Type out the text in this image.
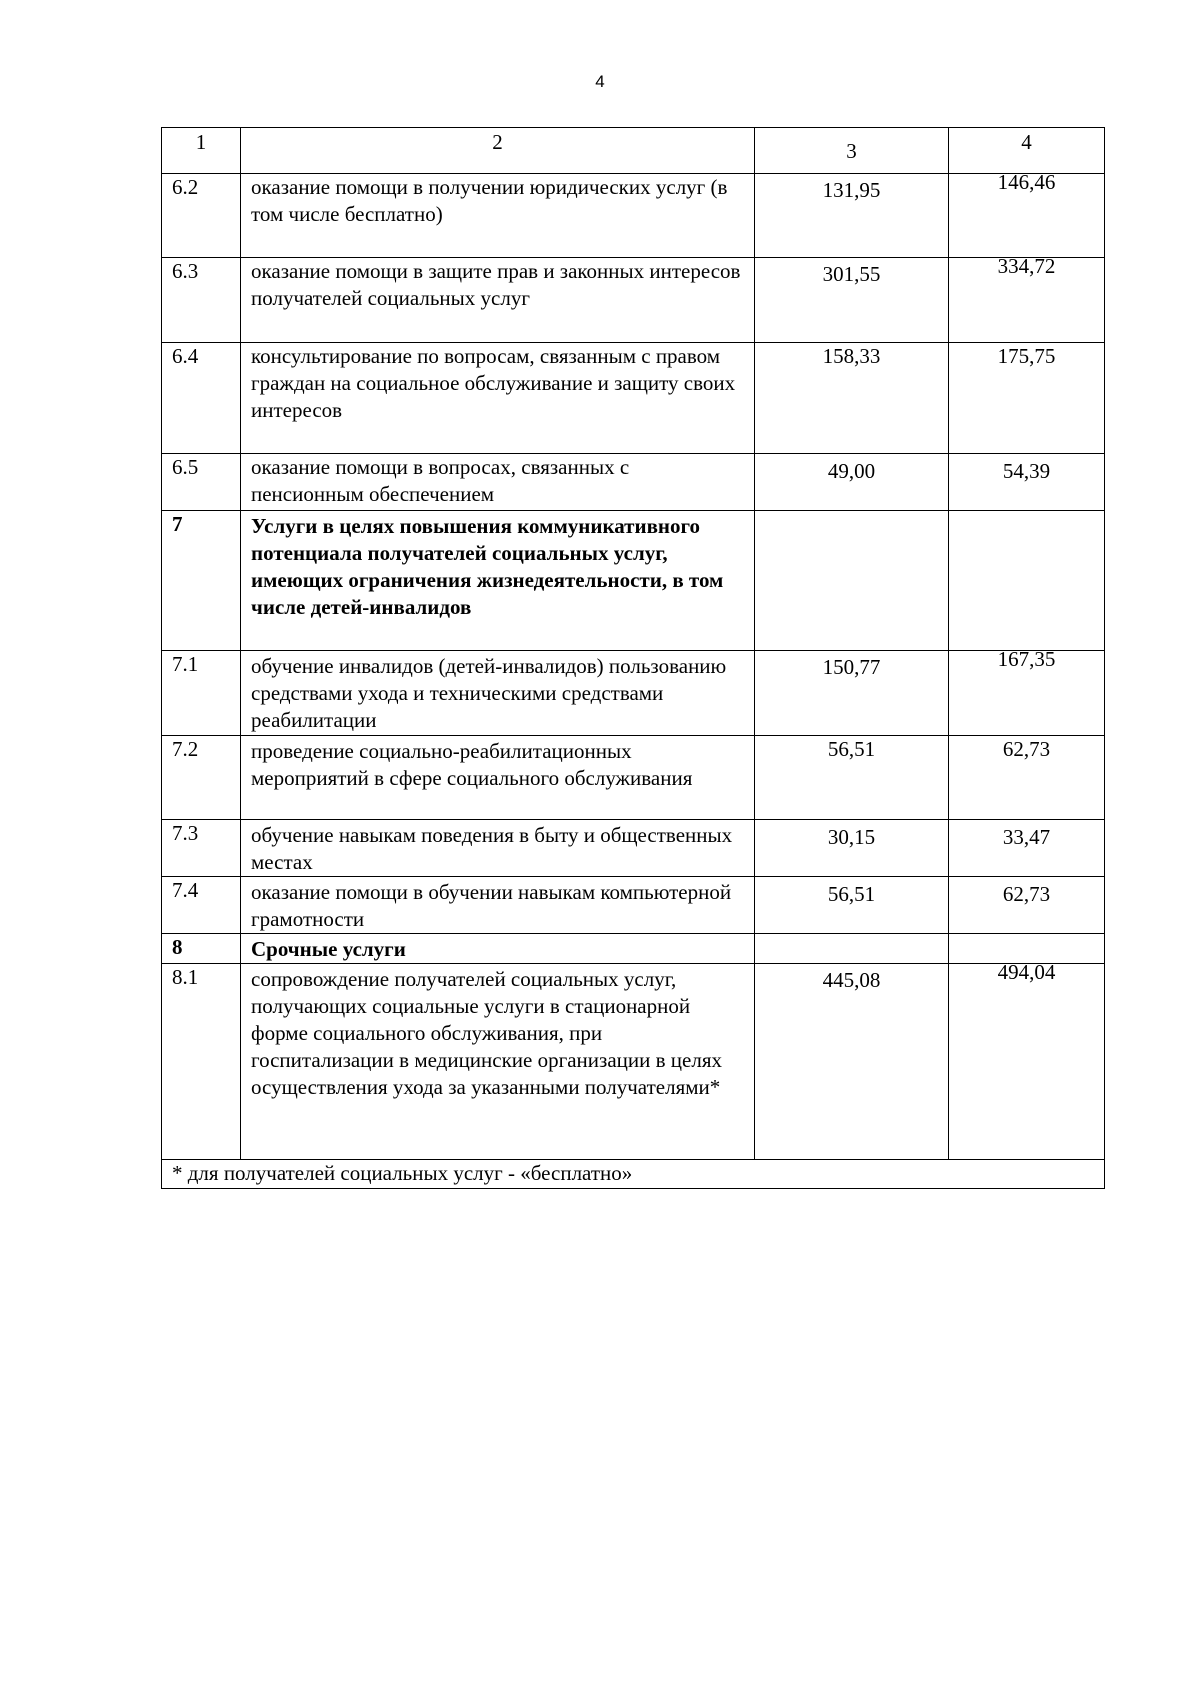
4
1	2	3	4
6.2	оказание помощи в получении юридических услуг (в том числе бесплатно)	131,95	146,46
6.3	оказание помощи в защите прав и законных интересов получателей социальных услуг	301,55	334,72
6.4	консультирование по вопросам, связанным с правом граждан на социальное обслуживание и защиту своих интересов	158,33	175,75
6.5	оказание помощи в вопросах, связанных с пенсионным обеспечением	49,00	54,39
7	Услуги в целях повышения коммуникативного потенциала получателей социальных услуг, имеющих ограничения жизнедеятельности, в том числе детей-инвалидов		
7.1	обучение инвалидов (детей-инвалидов) пользованию средствами ухода и техническими средствами реабилитации	150,77	167,35
7.2	проведение социально-реабилитационных мероприятий в сфере социального обслуживания	56,51	62,73
7.3	обучение навыкам поведения в быту и общественных местах	30,15	33,47
7.4	оказание помощи в обучении навыкам компьютерной грамотности	56,51	62,73
8	Срочные услуги		
8.1	сопровождение получателей социальных услуг, получающих социальные услуги в стационарной форме социального обслуживания, при госпитализации в медицинские организации в целях осуществления ухода за указанными получателями*	445,08	494,04
* для получателей социальных услуг - «бесплатно»			
